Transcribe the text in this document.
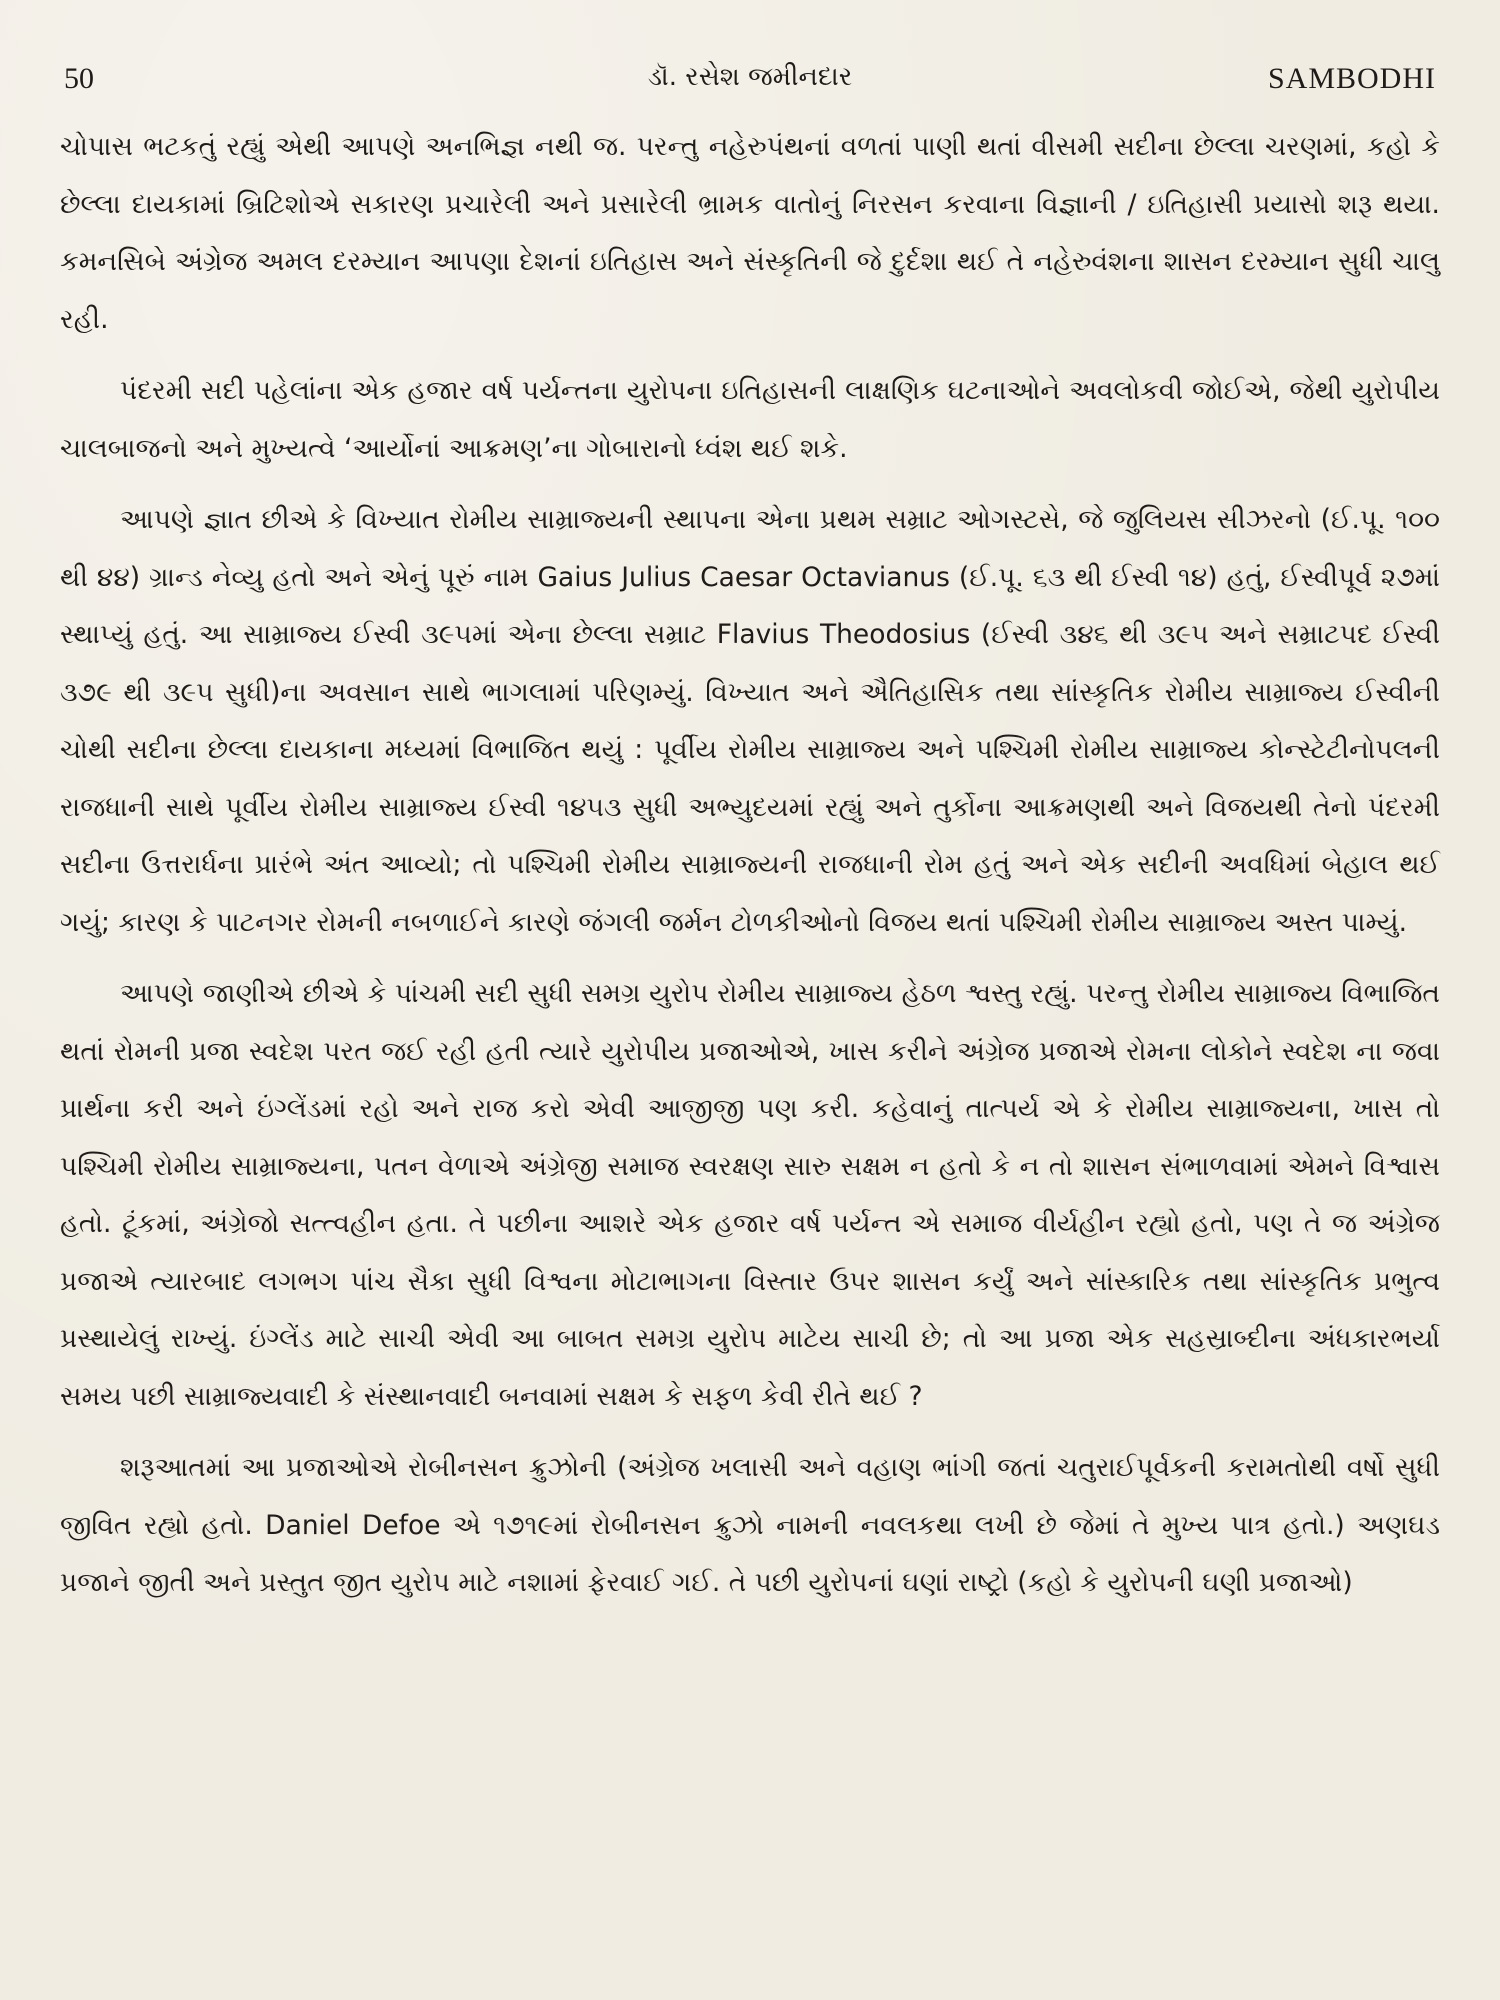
50	ડૉ. રસેશ જમીનદાર	SAMBODHI

ચોપાસ ભટકતું રહ્યું એથી આપણે અનભિજ્ઞ નથી જ. પરન્તુ નહેરુપંથનાં વળતાં પાણી થતાં વીસમી સદીના છેલ્લા ચરણમાં, કહો કે છેલ્લા દાયકામાં બ્રિટિશોએ સકારણ પ્રચારેલી અને પ્રસારેલી ભ્રામક વાતોનું નિરસન કરવાના વિજ્ઞાની / ઇતિહાસી પ્રયાસો શરૂ થયા. કમનસિબે અંગ્રેજ અમલ દરમ્યાન આપણા દેશનાં ઇતિહાસ અને સંસ્કૃતિની જે દુર્દશા થઈ તે નહેરુવંશના શાસન દરમ્યાન સુધી ચાલુ રહી.

પંદરમી સદી પહેલાંના એક હજાર વર્ષ પર્યન્તના યુરોપના ઇતિહાસની લાક્ષણિક ઘટનાઓને અવલોકવી જોઈએ, જેથી યુરોપીય ચાલબાજનો અને મુખ્યત્વે ‘આર્યોનાં આક્રમણ’ના ગોબારાનો ધ્વંશ થઈ શકે.

આપણે જ્ઞાત છીએ કે વિખ્યાત રોમીય સામ્રાજ્યની સ્થાપના એના પ્રથમ સમ્રાટ ઓગસ્ટસે, જે જુલિયસ સીઝરનો (ઈ.પૂ. ૧૦૦ થી ૪૪) ગ્રાન્ડ નેવ્યુ હતો અને એનું પૂરું નામ Gaius Julius Caesar Octavianus (ઈ.પૂ. ૬૩ થી ઈસ્વી ૧૪) હતું, ઈસ્વીપૂર્વ ૨૭માં સ્થાપ્યું હતું. આ સામ્રાજ્ય ઈસ્વી ૩૯૫માં એના છેલ્લા સમ્રાટ Flavius Theodosius (ઈસ્વી ૩૪૬ થી ૩૯૫ અને સમ્રાટપદ ઈસ્વી ૩૭૯ થી ૩૯૫ સુધી)ના અવસાન સાથે ભાગલામાં પરિણમ્યું. વિખ્યાત અને ઐતિહાસિક તથા સાંસ્કૃતિક રોમીય સામ્રાજ્ય ઈસ્વીની ચોથી સદીના છેલ્લા દાયકાના મધ્યમાં વિભાજિત થયું : પૂર્વીય રોમીય સામ્રાજ્ય અને પશ્ચિમી રોમીય સામ્રાજ્ય કોન્સ્ટેટીનોપલની રાજધાની સાથે પૂર્વીય રોમીય સામ્રાજ્ય ઈસ્વી ૧૪૫૩ સુધી અભ્યુદયમાં રહ્યું અને તુર્કોના આક્રમણથી અને વિજયથી તેનો પંદરમી સદીના ઉત્તરાર્ધના પ્રારંભે અંત આવ્યો; તો પશ્ચિમી રોમીય સામ્રાજ્યની રાજધાની રોમ હતું અને એક સદીની અવધિમાં બેહાલ થઈ ગયું; કારણ કે પાટનગર રોમની નબળાઈને કારણે જંગલી જર્મન ટોળકીઓનો વિજય થતાં પશ્ચિમી રોમીય સામ્રાજ્ય અસ્ત પામ્યું.

આપણે જાણીએ છીએ કે પાંચમી સદી સુધી સમગ્ર યુરોપ રોમીય સામ્રાજ્ય હેઠળ શ્વસ્તુ રહ્યું. પરન્તુ રોમીય સામ્રાજ્ય વિભાજિત થતાં રોમની પ્રજા સ્વદેશ પરત જઈ રહી હતી ત્યારે યુરોપીય પ્રજાઓએ, ખાસ કરીને અંગ્રેજ પ્રજાએ રોમના લોકોને સ્વદેશ ના જવા પ્રાર્થના કરી અને ઇંગ્લેંડમાં રહો અને રાજ કરો એવી આજીજી પણ કરી. કહેવાનું તાત્પર્ય એ કે રોમીય સામ્રાજ્યના, ખાસ તો પશ્ચિમી રોમીય સામ્રાજ્યના, પતન વેળાએ અંગ્રેજી સમાજ સ્વરક્ષણ સારુ સક્ષમ ન હતો કે ન તો શાસન સંભાળવામાં એમને વિશ્વાસ હતો. ટૂંકમાં, અંગ્રેજો સત્ત્વહીન હતા. તે પછીના આશરે એક હજાર વર્ષ પર્યન્ત એ સમાજ વીર્યહીન રહ્યો હતો, પણ તે જ અંગ્રેજ પ્રજાએ ત્યારબાદ લગભગ પાંચ સૈકા સુધી વિશ્વના મોટાભાગના વિસ્તાર ઉપર શાસન કર્યું અને સાંસ્કારિક તથા સાંસ્કૃતિક પ્રભુત્વ પ્રસ્થાયેલું રાખ્યું. ઇંગ્લેંડ માટે સાચી એવી આ બાબત સમગ્ર યુરોપ માટેય સાચી છે; તો આ પ્રજા એક સહસ્રાબ્દીના અંધકારભર્યા સમય પછી સામ્રાજ્યવાદી કે સંસ્થાનવાદી બનવામાં સક્ષમ કે સફળ કેવી રીતે થઈ ?

શરૂઆતમાં આ પ્રજાઓએ રોબીનસન ક્રુઝોની (અંગ્રેજ ખલાસી અને વહાણ ભાંગી જતાં ચતુરાઈપૂર્વકની કરામતોથી વર્ષો સુધી જીવિત રહ્યો હતો. Daniel Defoe એ ૧૭૧૯માં રોબીનસન ક્રુઝો નામની નવલકથા લખી છે જેમાં તે મુખ્ય પાત્ર હતો.) અણઘડ પ્રજાને જીતી અને પ્રસ્તુત જીત યુરોપ માટે નશામાં ફેરવાઈ ગઈ. તે પછી યુરોપનાં ઘણાં રાષ્ટ્રો (કહો કે યુરોપની ઘણી પ્રજાઓ)
